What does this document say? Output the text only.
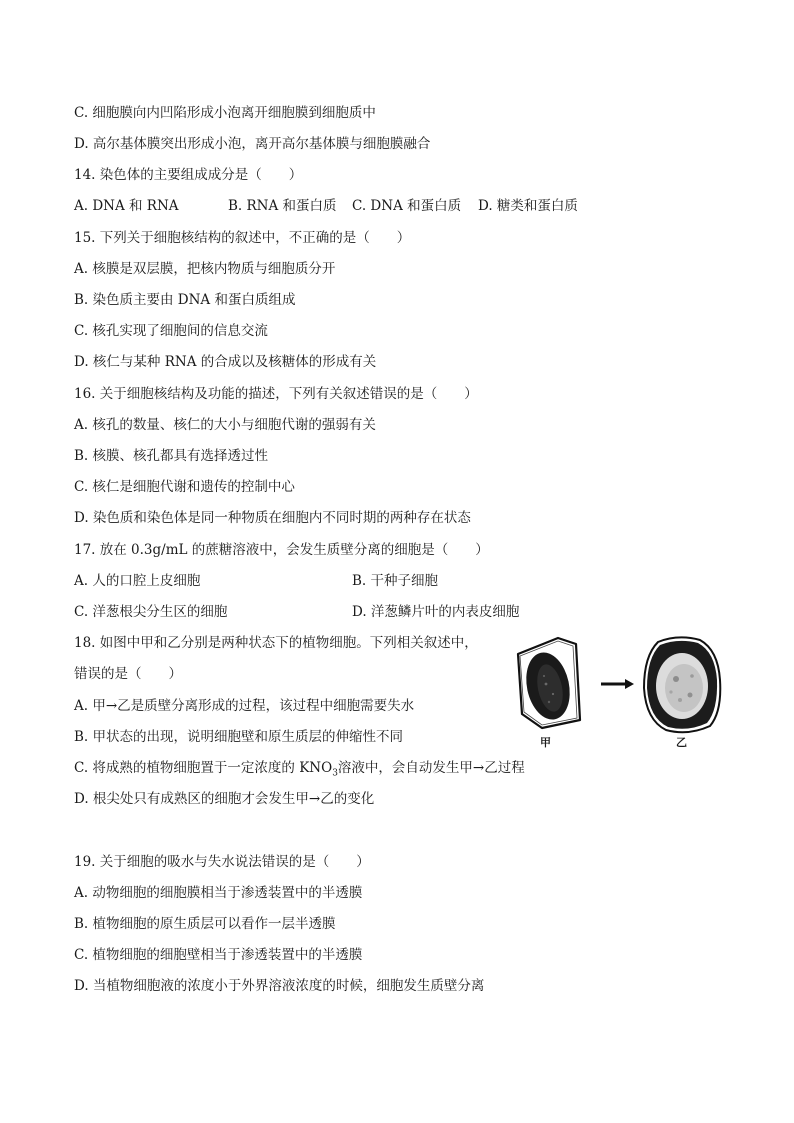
C. 细胞膜向内凹陷形成小泡离开细胞膜到细胞质中
D. 高尔基体膜突出形成小泡，离开高尔基体膜与细胞膜融合
14. 染色体的主要组成成分是（　　）
A. DNA 和 RNA	B. RNA 和蛋白质 C. DNA 和蛋白质 D. 糖类和蛋白质
15. 下列关于细胞核结构的叙述中，不正确的是（　　）
A. 核膜是双层膜，把核内物质与细胞质分开
B. 染色质主要由 DNA 和蛋白质组成
C. 核孔实现了细胞间的信息交流
D. 核仁与某种 RNA 的合成以及核糖体的形成有关
16. 关于细胞核结构及功能的描述，下列有关叙述错误的是（　　）
A. 核孔的数量、核仁的大小与细胞代谢的强弱有关
B. 核膜、核孔都具有选择透过性
C. 核仁是细胞代谢和遗传的控制中心
D. 染色质和染色体是同一种物质在细胞内不同时期的两种存在状态
17. 放在 0.3g/mL 的蔗糖溶液中，会发生质壁分离的细胞是（　　）
A. 人的口腔上皮细胞	B. 干种子细胞
C. 洋葱根尖分生区的细胞	D. 洋葱鳞片叶的内表皮细胞
18. 如图中甲和乙分别是两种状态下的植物细胞。下列相关叙述中，
错误的是（　　）
A. 甲→乙是质壁分离形成的过程，该过程中细胞需要失水
B. 甲状态的出现，说明细胞壁和原生质层的伸缩性不同
C. 将成熟的植物细胞置于一定浓度的 $KNO_3$溶液中，会自动发生甲→乙过程
D. 根尖处只有成熟区的细胞才会发生甲→乙的变化
甲	乙
19. 关于细胞的吸水与失水说法错误的是（　　）
A. 动物细胞的细胞膜相当于渗透装置中的半透膜
B. 植物细胞的原生质层可以看作一层半透膜
C. 植物细胞的细胞壁相当于渗透装置中的半透膜
D. 当植物细胞液的浓度小于外界溶液浓度的时候，细胞发生质壁分离
